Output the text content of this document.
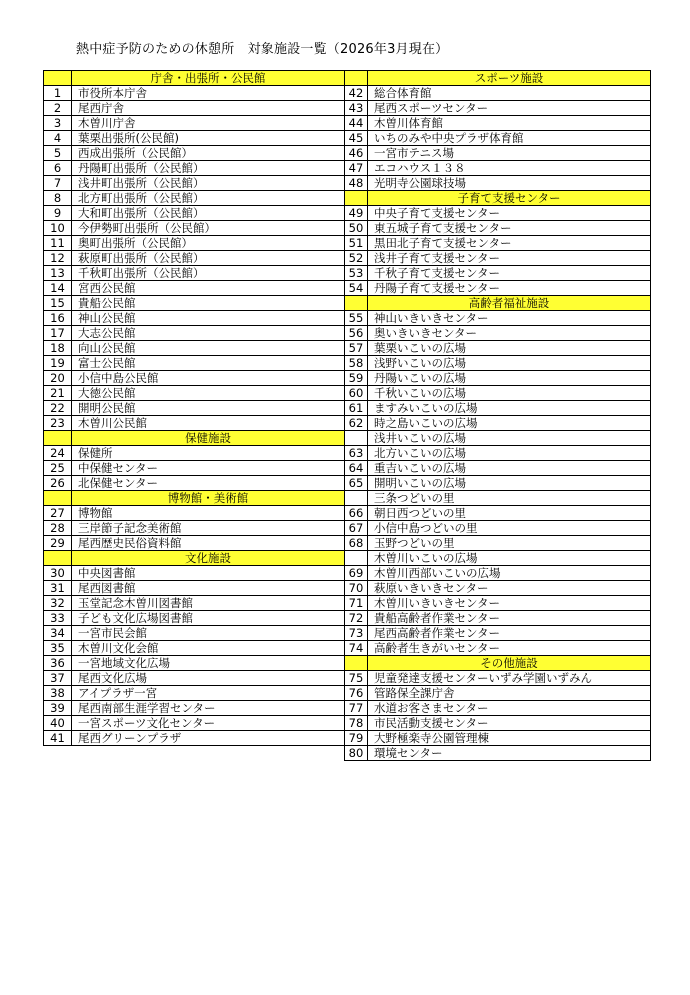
熱中症予防のための休憩所　対象施設一覧（2026年3月現在）
	庁舎・出張所・公民館
1	市役所本庁舎
2	尾西庁舎
3	木曽川庁舎
4	葉栗出張所(公民館)
5	西成出張所（公民館）
6	丹陽町出張所（公民館）
7	浅井町出張所（公民館）
8	北方町出張所（公民館）
9	大和町出張所（公民館）
10	今伊勢町出張所（公民館）
11	奥町出張所（公民館）
12	萩原町出張所（公民館）
13	千秋町出張所（公民館）
14	宮西公民館
15	貴船公民館
16	神山公民館
17	大志公民館
18	向山公民館
19	富士公民館
20	小信中島公民館
21	大徳公民館
22	開明公民館
23	木曽川公民館
	保健施設
24	保健所
25	中保健センター
26	北保健センター
	博物館・美術館
27	博物館
28	三岸節子記念美術館
29	尾西歴史民俗資料館
	文化施設
30	中央図書館
31	尾西図書館
32	玉堂記念木曽川図書館
33	子ども文化広場図書館
34	一宮市民会館
35	木曽川文化会館
36	一宮地域文化広場
37	尾西文化広場
38	アイプラザ一宮
39	尾西南部生涯学習センター
40	一宮スポーツ文化センター
41	尾西グリーンプラザ
	スポーツ施設
42	総合体育館
43	尾西スポーツセンター
44	木曽川体育館
45	いちのみや中央プラザ体育館
46	一宮市テニス場
47	エコハウス１３８
48	光明寺公園球技場
	子育て支援センター
49	中央子育て支援センター
50	東五城子育て支援センター
51	黒田北子育て支援センター
52	浅井子育て支援センター
53	千秋子育て支援センター
54	丹陽子育て支援センター
	高齢者福祉施設
55	神山いきいきセンター
56	奥いきいきセンター
57	葉栗いこいの広場
58	浅野いこいの広場
59	丹陽いこいの広場
60	千秋いこいの広場
61	ますみいこいの広場
62	時之島いこいの広場
	浅井いこいの広場
63	北方いこいの広場
64	重吉いこいの広場
65	開明いこいの広場
	三条つどいの里
66	朝日西つどいの里
67	小信中島つどいの里
68	玉野つどいの里
	木曽川いこいの広場
69	木曽川西部いこいの広場
70	萩原いきいきセンター
71	木曽川いきいきセンター
72	貴船高齢者作業センター
73	尾西高齢者作業センター
74	高齢者生きがいセンター
	その他施設
75	児童発達支援センターいずみ学園いずみん
76	管路保全課庁舎
77	水道お客さまセンター
78	市民活動支援センター
79	大野極楽寺公園管理棟
80	環境センター
